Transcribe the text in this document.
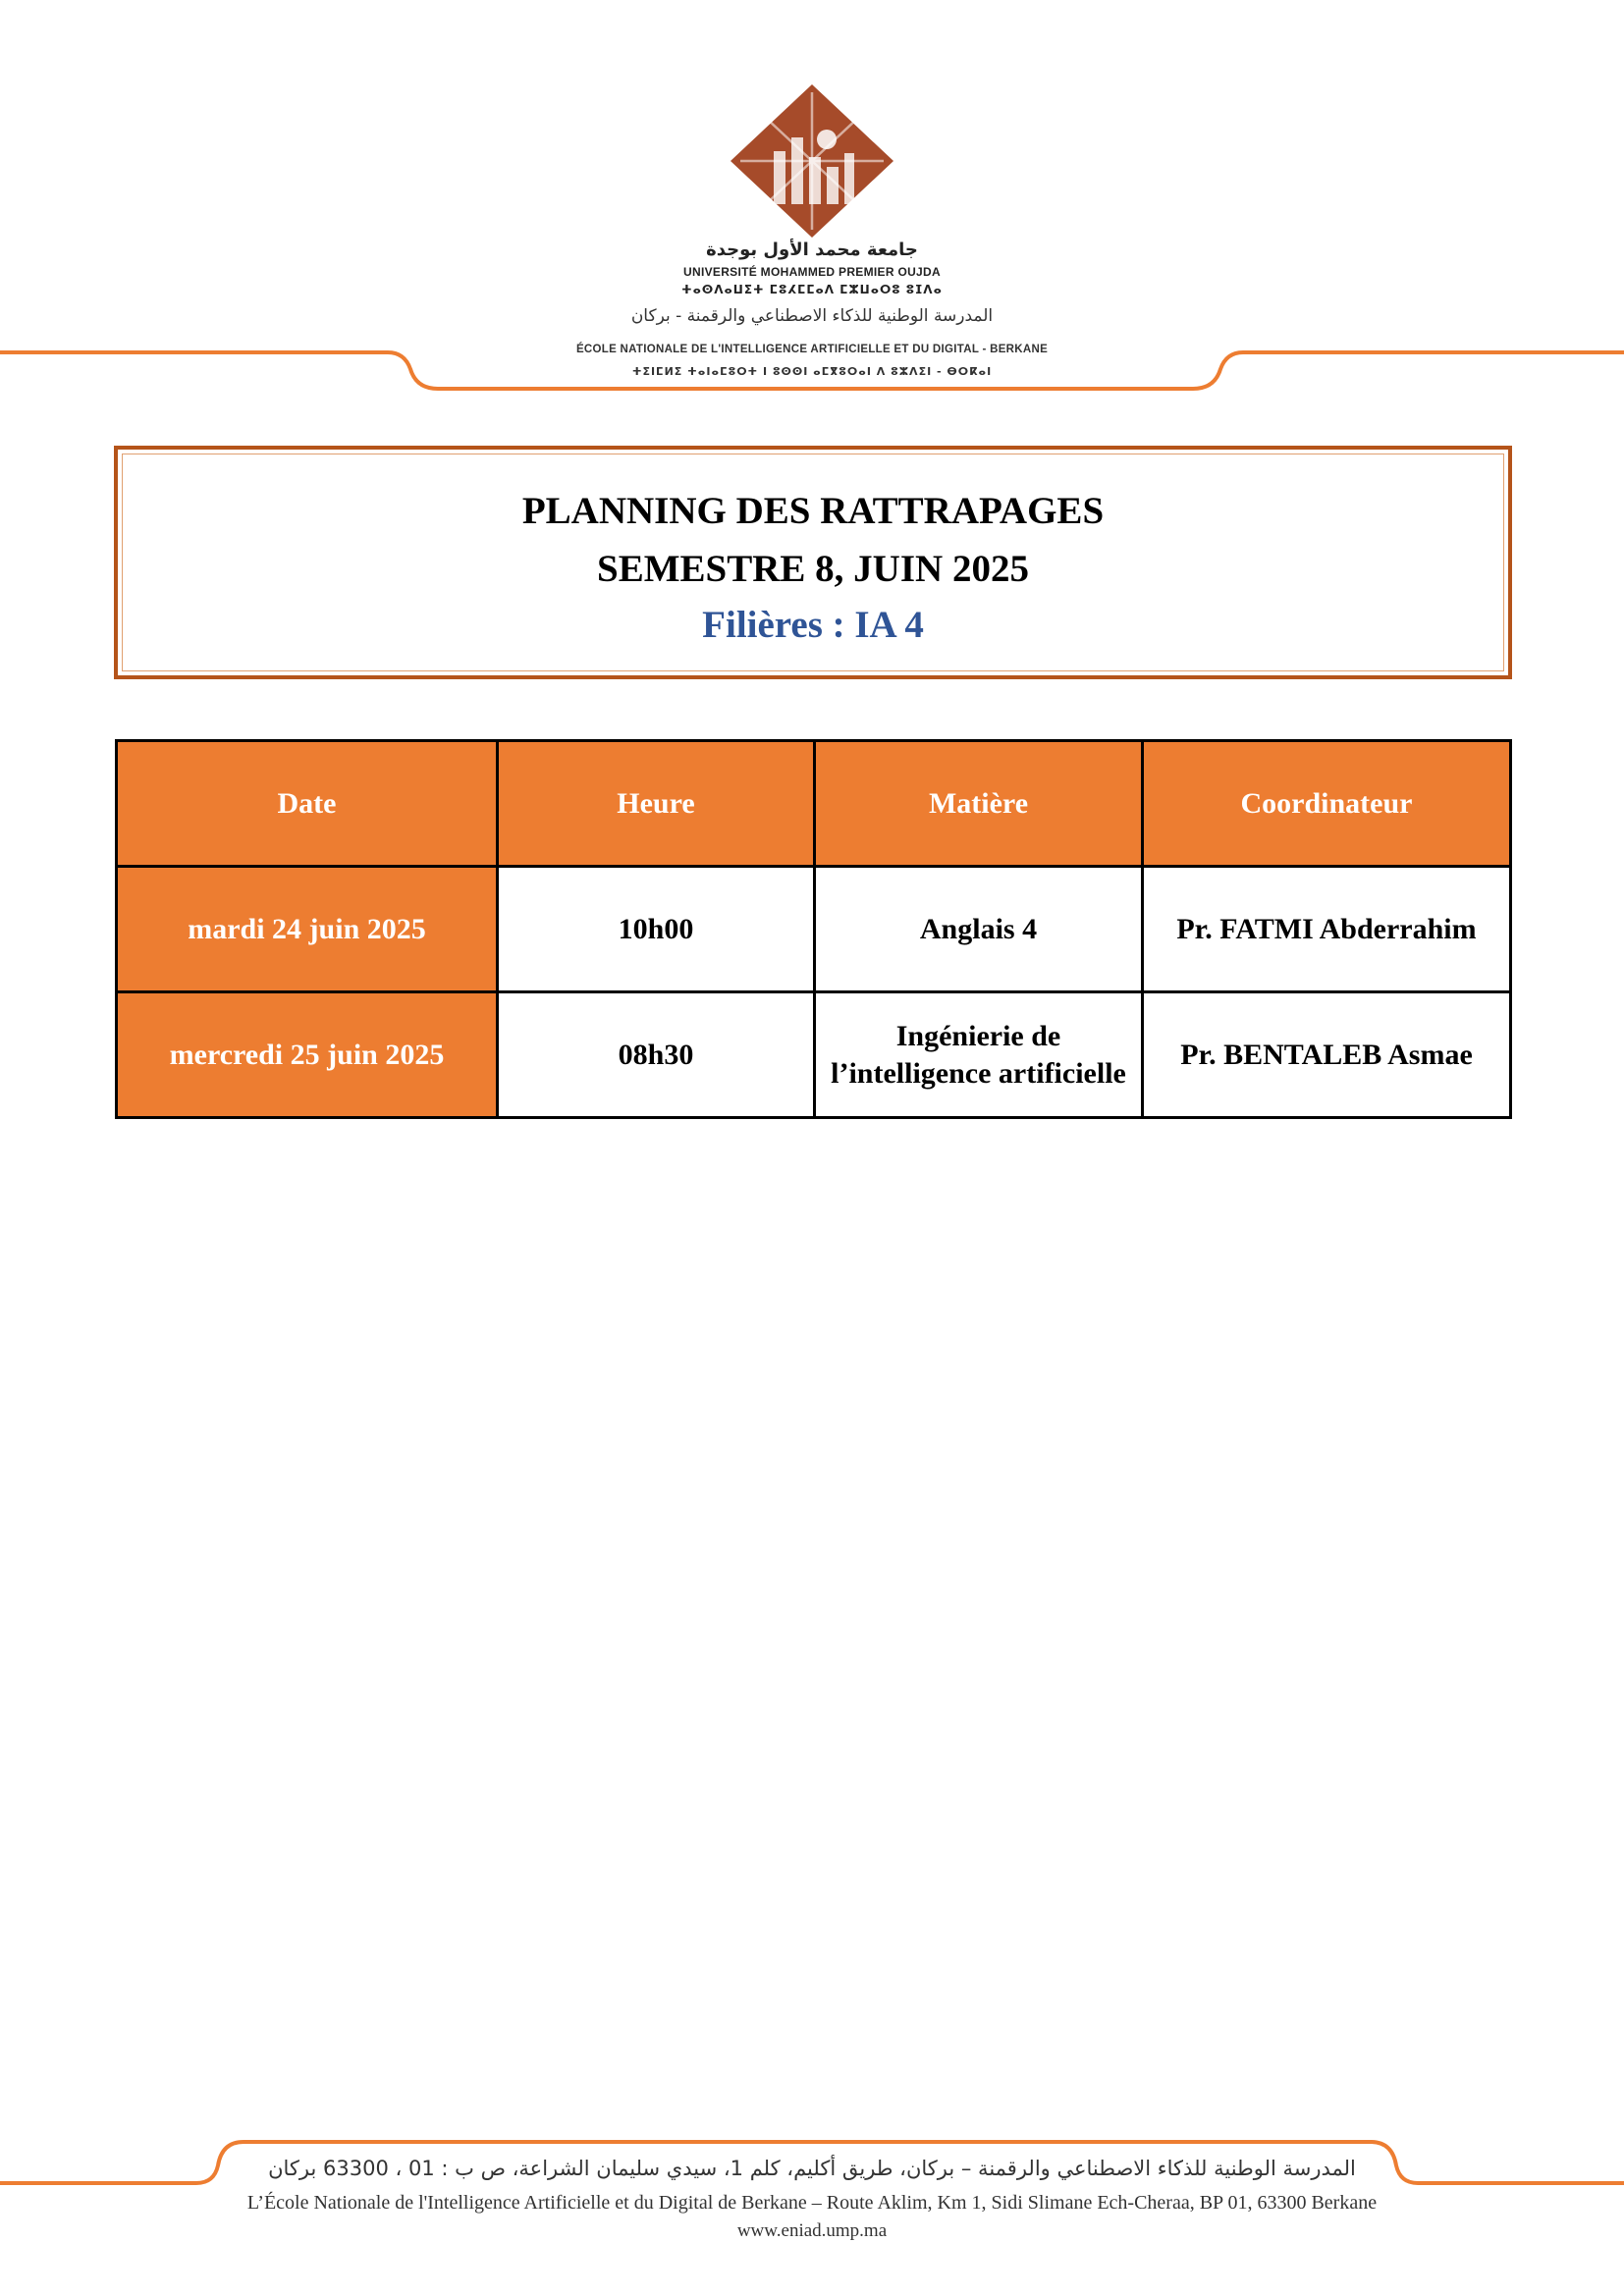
جامعة محمد الأول بوجدة
UNIVERSITÉ MOHAMMED PREMIER OUJDA
ⵜⴰⵙⴷⴰⵡⵉⵜ ⵎⵓⵃⵎⵎⴰⴷ ⵎⵣⵡⴰⵔⵓ ⵓⵊⴷⴰ
المدرسة الوطنية للذكاء الاصطناعي والرقمنة - بركان
ÉCOLE NATIONALE DE L'INTELLIGENCE ARTIFICIELLE ET DU DIGITAL - BERKANE
ⵜⵉⵏⵎⵍⵉ ⵜⴰⵏⴰⵎⵓⵔⵜ ⵏ ⵓⵙⵙⵏ ⴰⵎⴳⵓⵔⴰⵏ ⴷ ⵓⵣⴷⵉⵏ - ⴱⵔⴽⴰⵏ
PLANNING DES RATTRAPAGES
SEMESTRE 8, JUIN 2025
Filières : IA 4
Date	Heure	Matière	Coordinateur
mardi 24 juin 2025	10h00	Anglais 4	Pr. FATMI Abderrahim
mercredi 25 juin 2025	08h30	Ingénierie de l’intelligence artificielle	Pr. BENTALEB Asmae
المدرسة الوطنية للذكاء الاصطناعي والرقمنة – بركان، طريق أكليم، كلم 1، سيدي سليمان الشراعة، ص ب : 01 ، 63300 بركان
L’École Nationale de l'Intelligence Artificielle et du Digital de Berkane – Route Aklim, Km 1, Sidi Slimane Ech-Cheraa, BP 01, 63300 Berkane
www.eniad.ump.ma
